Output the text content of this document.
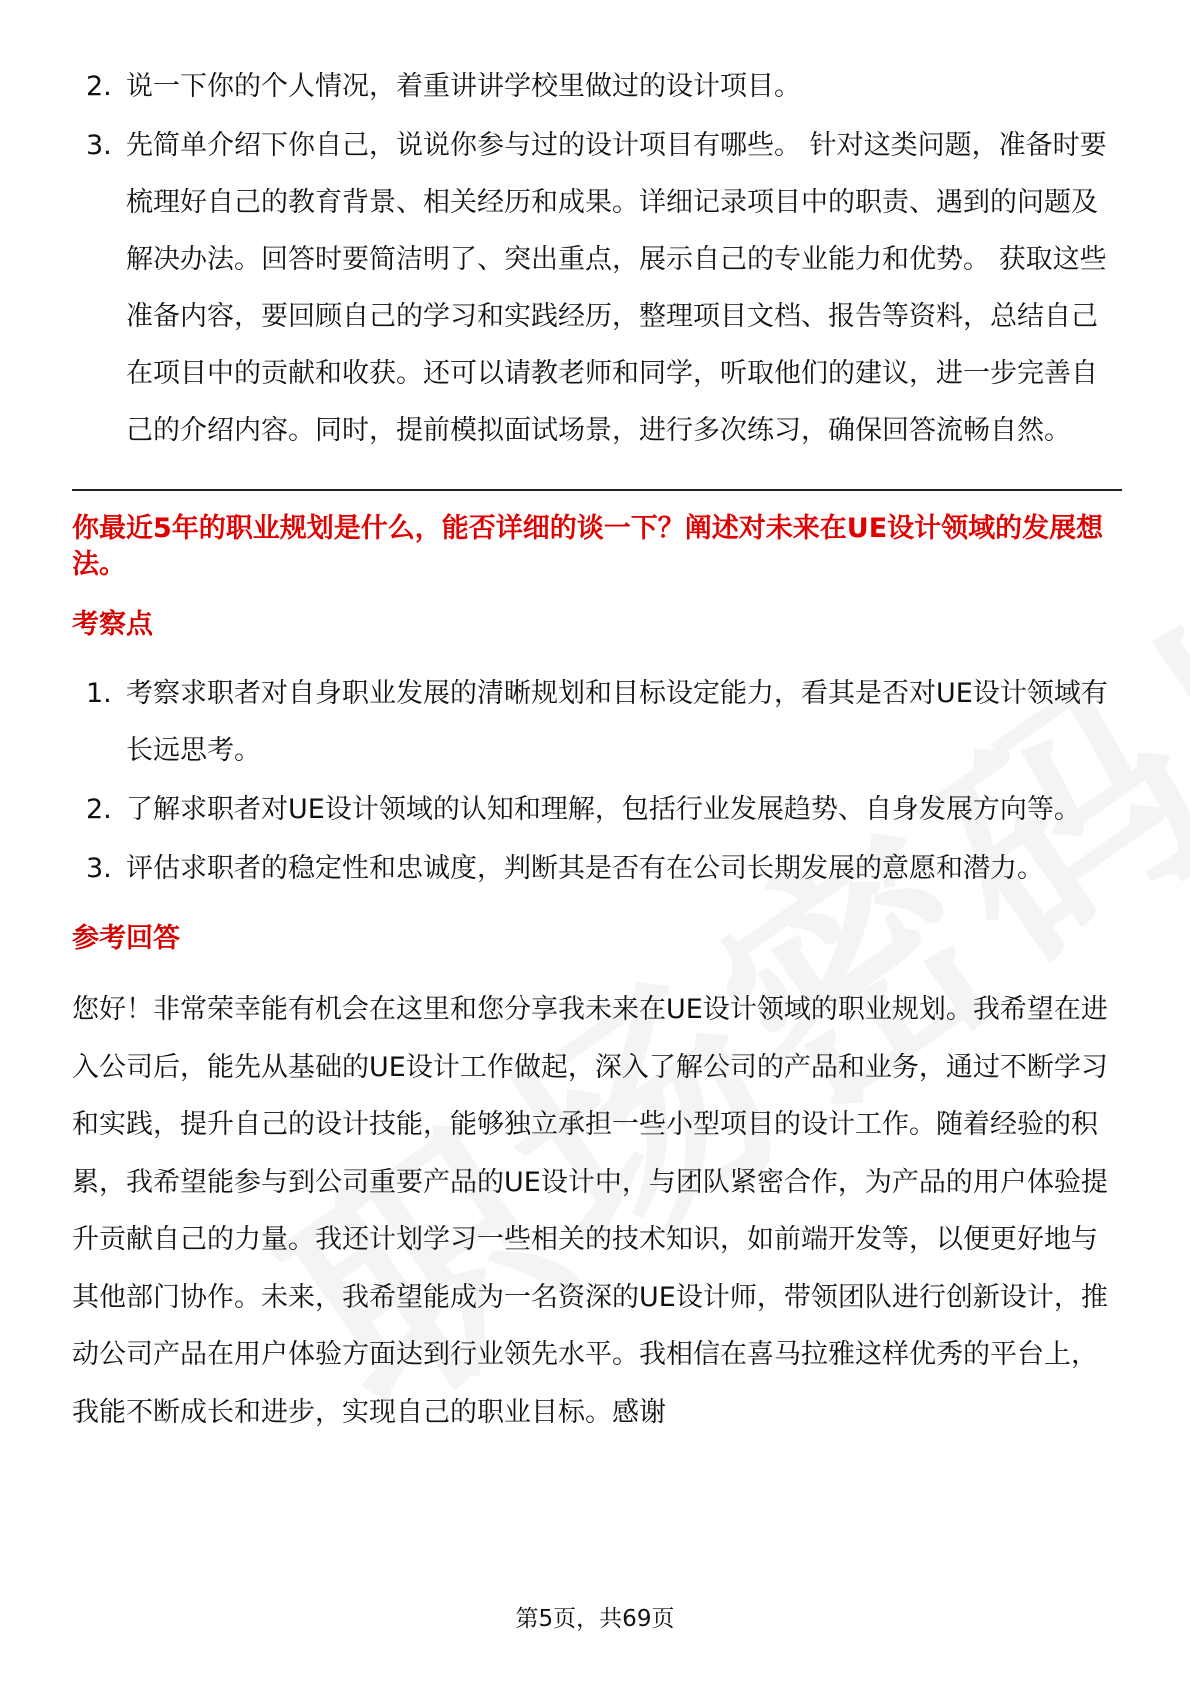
2. 说一下你的个人情况，着重讲讲学校里做过的设计项目。
3. 先简单介绍下你自己，说说你参与过的设计项目有哪些。 针对这类问题，准备时要梳理好自己的教育背景、相关经历和成果。详细记录项目中的职责、遇到的问题及解决办法。回答时要简洁明了、突出重点，展示自己的专业能力和优势。 获取这些准备内容，要回顾自己的学习和实践经历，整理项目文档、报告等资料，总结自己在项目中的贡献和收获。还可以请教老师和同学，听取他们的建议，进一步完善自己的介绍内容。同时，提前模拟面试场景，进行多次练习，确保回答流畅自然。

你最近5年的职业规划是什么，能否详细的谈一下？阐述对未来在UE设计领域的发展想法。

考察点

1. 考察求职者对自身职业发展的清晰规划和目标设定能力，看其是否对UE设计领域有长远思考。
2. 了解求职者对UE设计领域的认知和理解，包括行业发展趋势、自身发展方向等。
3. 评估求职者的稳定性和忠诚度，判断其是否有在公司长期发展的意愿和潜力。

参考回答

您好！非常荣幸能有机会在这里和您分享我未来在UE设计领域的职业规划。我希望在进入公司后，能先从基础的UE设计工作做起，深入了解公司的产品和业务，通过不断学习和实践，提升自己的设计技能，能够独立承担一些小型项目的设计工作。随着经验的积累，我希望能参与到公司重要产品的UE设计中，与团队紧密合作，为产品的用户体验提升贡献自己的力量。我还计划学习一些相关的技术知识，如前端开发等，以便更好地与其他部门协作。未来，我希望能成为一名资深的UE设计师，带领团队进行创新设计，推动公司产品在用户体验方面达到行业领先水平。我相信在喜马拉雅这样优秀的平台上，我能不断成长和进步，实现自己的职业目标。感谢

第5页，共69页
